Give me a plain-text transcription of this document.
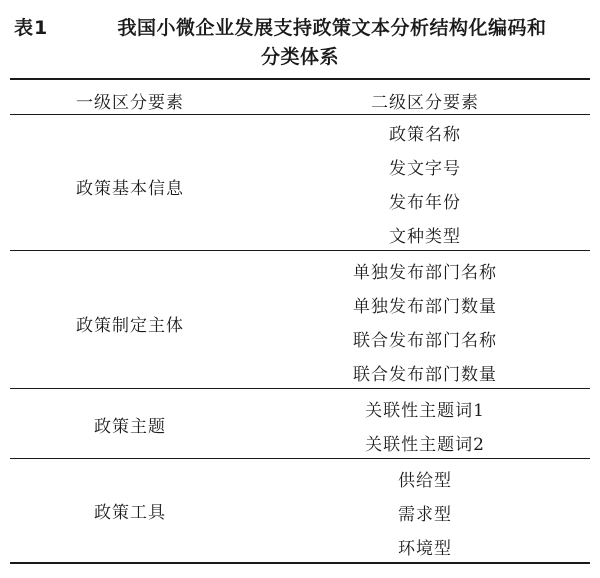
表1	我国小微企业发展支持政策文本分析结构化编码和
分类体系
一级区分要素	二级区分要素
政策基本信息
政策名称
发文字号
发布年份
文种类型
政策制定主体
单独发布部门名称
单独发布部门数量
联合发布部门名称
联合发布部门数量
政策主题
关联性主题词1
关联性主题词2
政策工具
供给型
需求型
环境型
